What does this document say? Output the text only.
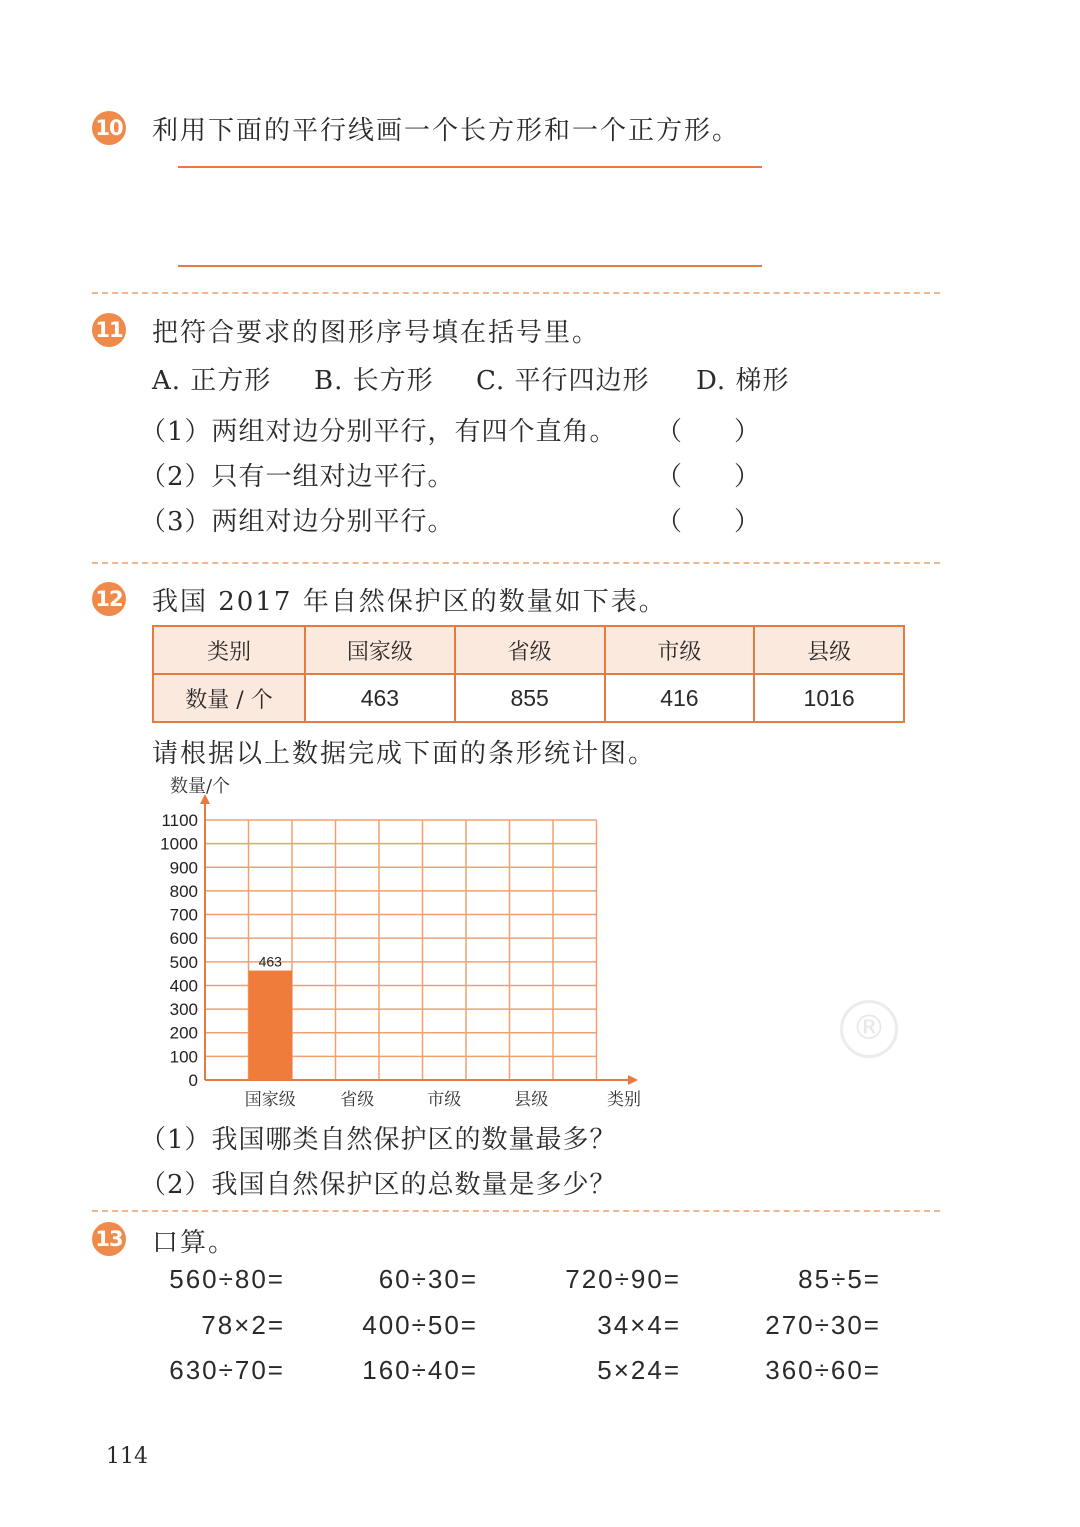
10 利用下面的平行线画一个长方形和一个正方形。
11 把符合要求的图形序号填在括号里。
A. 正方形 B. 长方形 C. 平行四边形 D. 梯形
（1）两组对边分别平行，有四个直角。 （　　）
（2）只有一组对边平行。	（　　）
（3）两组对边分别平行。	（　　）
12 我国 2017 年自然保护区的数量如下表。
类别	国家级	省级	市级	县级
数量 / 个	463	855	416	1016
请根据以上数据完成下面的条形统计图。
0
100
200
300
400
500
600
700
800
900
1000
1100
数量/个
类别
国家级
463
省级	市级	县级
（1）我国哪类自然保护区的数量最多？
（2）我国自然保护区的总数量是多少？
13 口算。
560÷80=	60÷30=	720÷90=	85÷5=
78×2=	400÷50=	34×4=	270÷30=
630÷70=	160÷40=	5×24=	360÷60=
114
®
